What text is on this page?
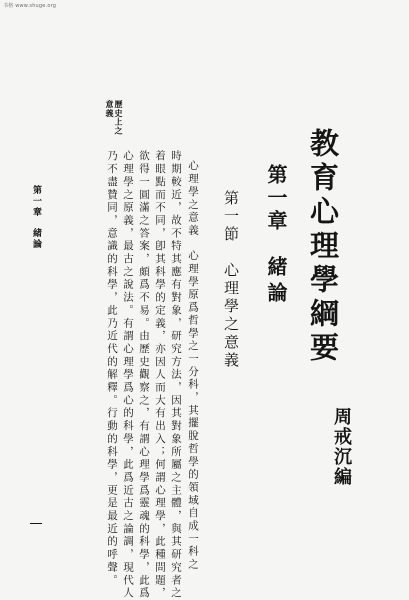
书格 www.shuge.org
教育心理學綱要
周戒沉編
第一章
緒論
第一節　心理學之意義
心理學之意義　心理學原爲哲學之一分科，其擺脫哲學的領域自成一科之
時期較近，故不特其應有對象，研究方法，因其對象所屬之主體，與其研究者之
着眼點而不同，卽其科學的定義，亦因人而大有出入；何謂心理學，此種問題，
欲得一圓滿之答案，頗爲不易。由歷史觀察之，有謂心理學爲靈魂的科學，此爲
心理學之原義，最古之說法。有謂心理學爲心的科學，此爲近古之論調，現代人
乃不盡贊同，意識的科學，此乃近代的解釋。行動的科學，更是最近的呼聲。
歷史上之
意義
第一章緒論
